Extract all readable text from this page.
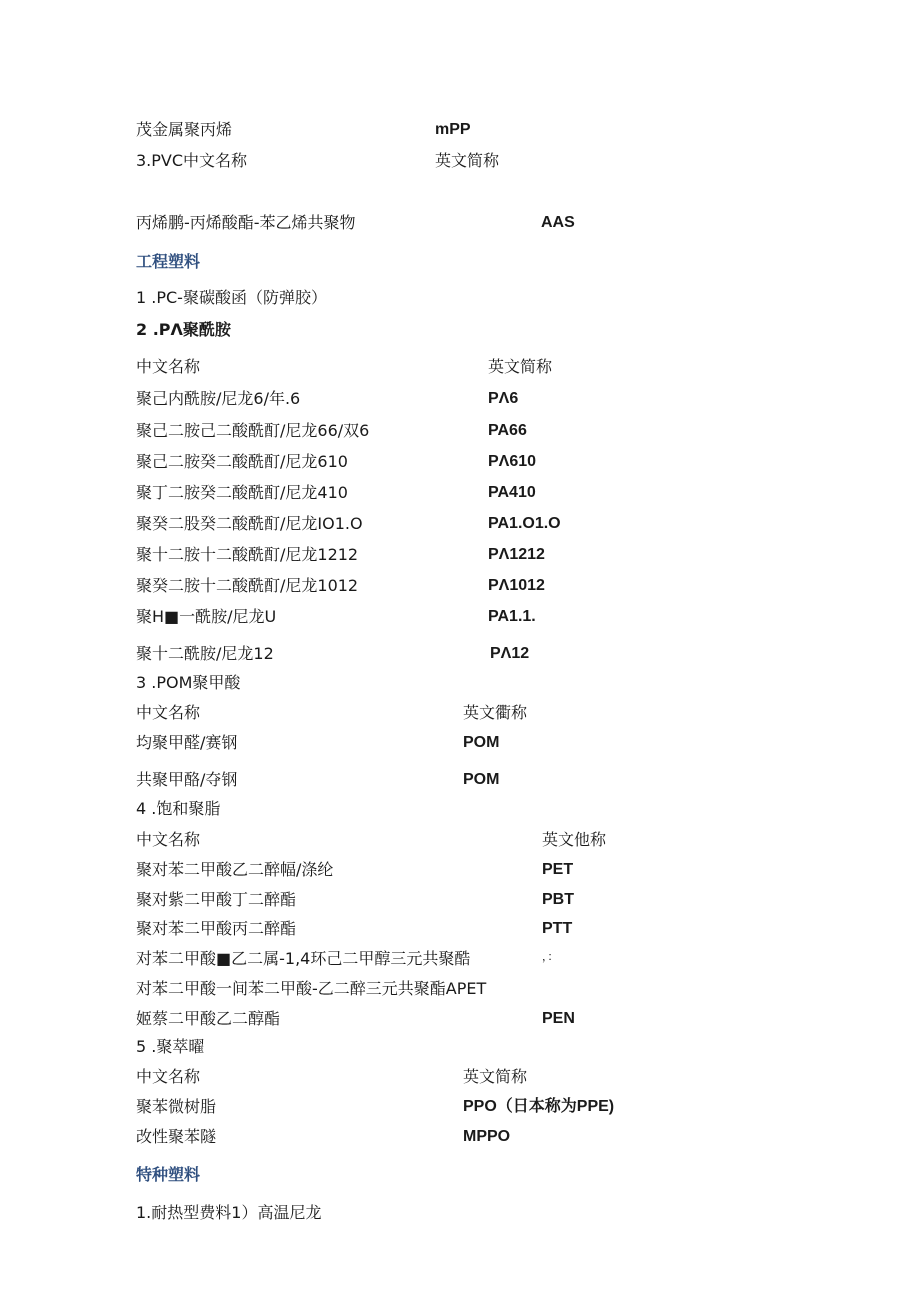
茂金属聚丙烯	mPP
3.PVC中文名称	英文简称
丙烯鹏-丙烯酸酯-苯乙烯共聚物	AAS
工程塑料
1 .PC-聚碳酸函（防弹胶）
2 .PΛ聚酰胺
中文名称	英文简称
聚己内酰胺/尼龙6/年.6	PΛ6
聚己二胺己二酸酰酊/尼龙66/双6	PA66
聚己二胺癸二酸酰酊/尼龙610	PΛ610
聚丁二胺癸二酸酰酊/尼龙410	PA410
聚癸二股癸二酸酰酊/尼龙IO1.O	PA1.O1.O
聚十二胺十二酸酰酊/尼龙1212	PΛ1212
聚癸二胺十二酸酰酊/尼龙1012	PΛ1012
聚H■一酰胺/尼龙U	PA1.1.
聚十二酰胺/尼龙12	PΛ12
3 .POM聚甲酸
中文名称	英文衢称
均聚甲醛/赛钢	POM
共聚甲酪/夺钢	POM
4 .饱和聚脂
中文名称	英文他称
聚对苯二甲酸乙二醉幅/涤纶	PET
聚对紫二甲酸丁二醉酯	PBT
聚对苯二甲酸丙二醉酯	PTT
对苯二甲酸■乙二属-1,4环己二甲醇三元共聚酷	，：
对苯二甲酸一间苯二甲酸-乙二醉三元共聚酯APET
姬蔡二甲酸乙二醇酯	PEN
5 .聚萃曜
中文名称	英文简称
聚苯微树脂	PPO（日本称为PPE)
改性聚苯隧	MPPO
特种塑料
1.耐热型费料1）高温尼龙
